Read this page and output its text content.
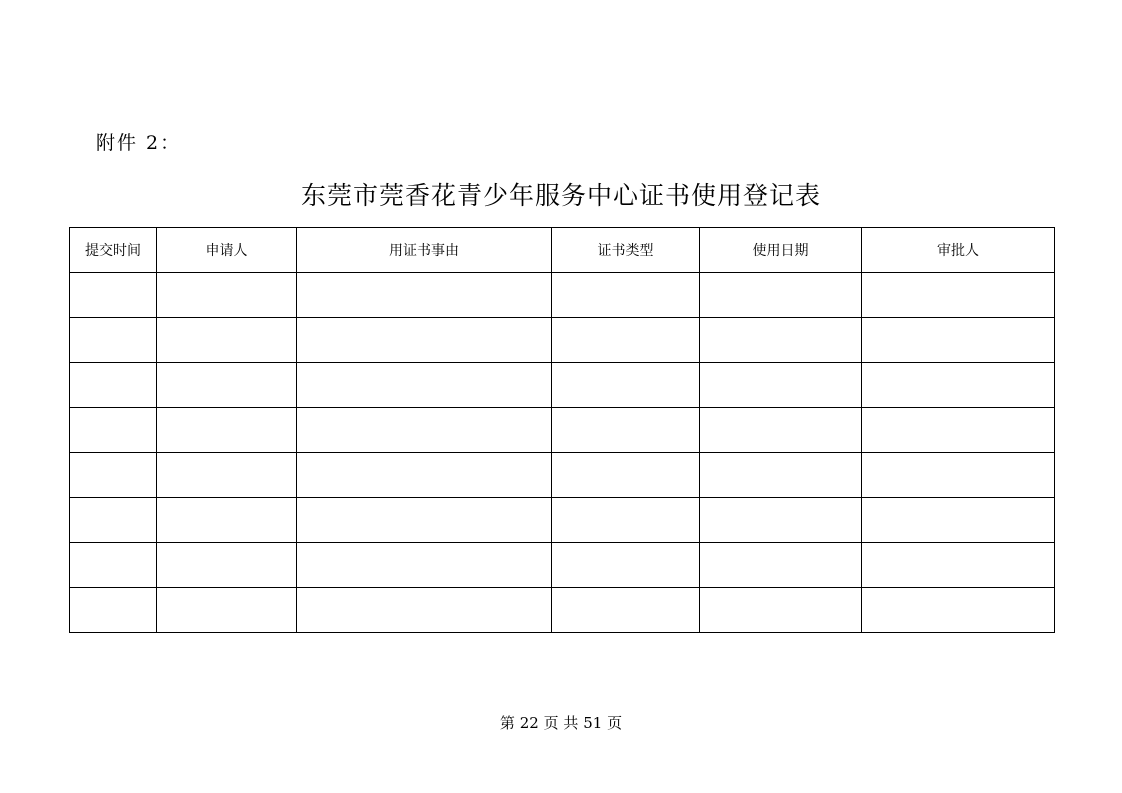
附件 2：
东莞市莞香花青少年服务中心证书使用登记表
提交时间	申请人	用证书事由	证书类型	使用日期	审批人

第 22 页 共 51 页
